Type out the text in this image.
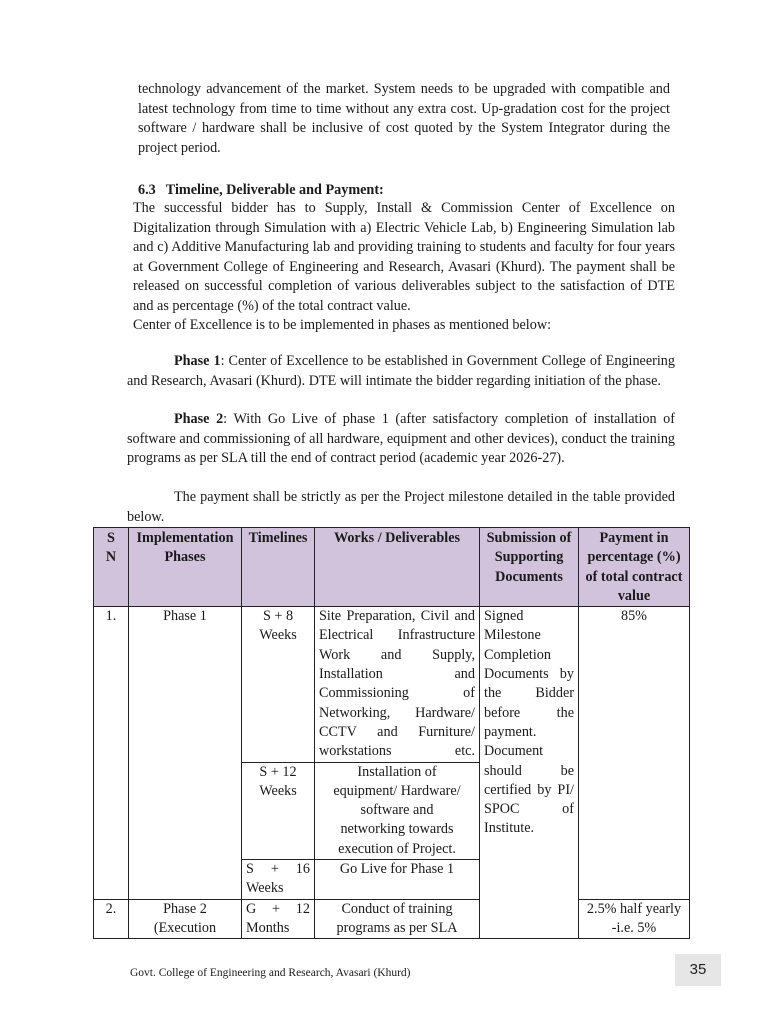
technology advancement of the market. System needs to be upgraded with compatible and latest technology from time to time without any extra cost. Up-gradation cost for the project software / hardware shall be inclusive of cost quoted by the System Integrator during the project period.

6.3 Timeline, Deliverable and Payment:

The successful bidder has to Supply, Install & Commission Center of Excellence on Digitalization through Simulation with a) Electric Vehicle Lab, b) Engineering Simulation lab and c) Additive Manufacturing lab and providing training to students and faculty for four years at Government College of Engineering and Research, Avasari (Khurd). The payment shall be released on successful completion of various deliverables subject to the satisfaction of DTE and as percentage (%) of the total contract value.

Center of Excellence is to be implemented in phases as mentioned below:

Phase 1: Center of Excellence to be established in Government College of Engineering and Research, Avasari (Khurd). DTE will intimate the bidder regarding initiation of the phase.

Phase 2: With Go Live of phase 1 (after satisfactory completion of installation of software and commissioning of all hardware, equipment and other devices), conduct the training programs as per SLA till the end of contract period (academic year 2026-27).

The payment shall be strictly as per the Project milestone detailed in the table provided below.

S N	Implementation Phases	Timelines	Works / Deliverables	Submission of Supporting Documents	Payment in percentage (%) of total contract value
1.	Phase 1	S + 8 Weeks	Site Preparation, Civil and Electrical Infrastructure Work and Supply, Installation and Commissioning of Networking, Hardware/ CCTV and Furniture/ workstations etc.	Signed Milestone Completion Documents by the Bidder before the payment. Document should be certified by PI/ SPOC of Institute.	85%
		S + 12 Weeks	Installation of equipment/ Hardware/ software and networking towards execution of Project.		
		S + 16 Weeks	Go Live for Phase 1		
2.	Phase 2 (Execution	G + 12 Months	Conduct of training programs as per SLA		2.5% half yearly -i.e. 5%
Govt. College of Engineering and Research, Avasari (Khurd)	35
